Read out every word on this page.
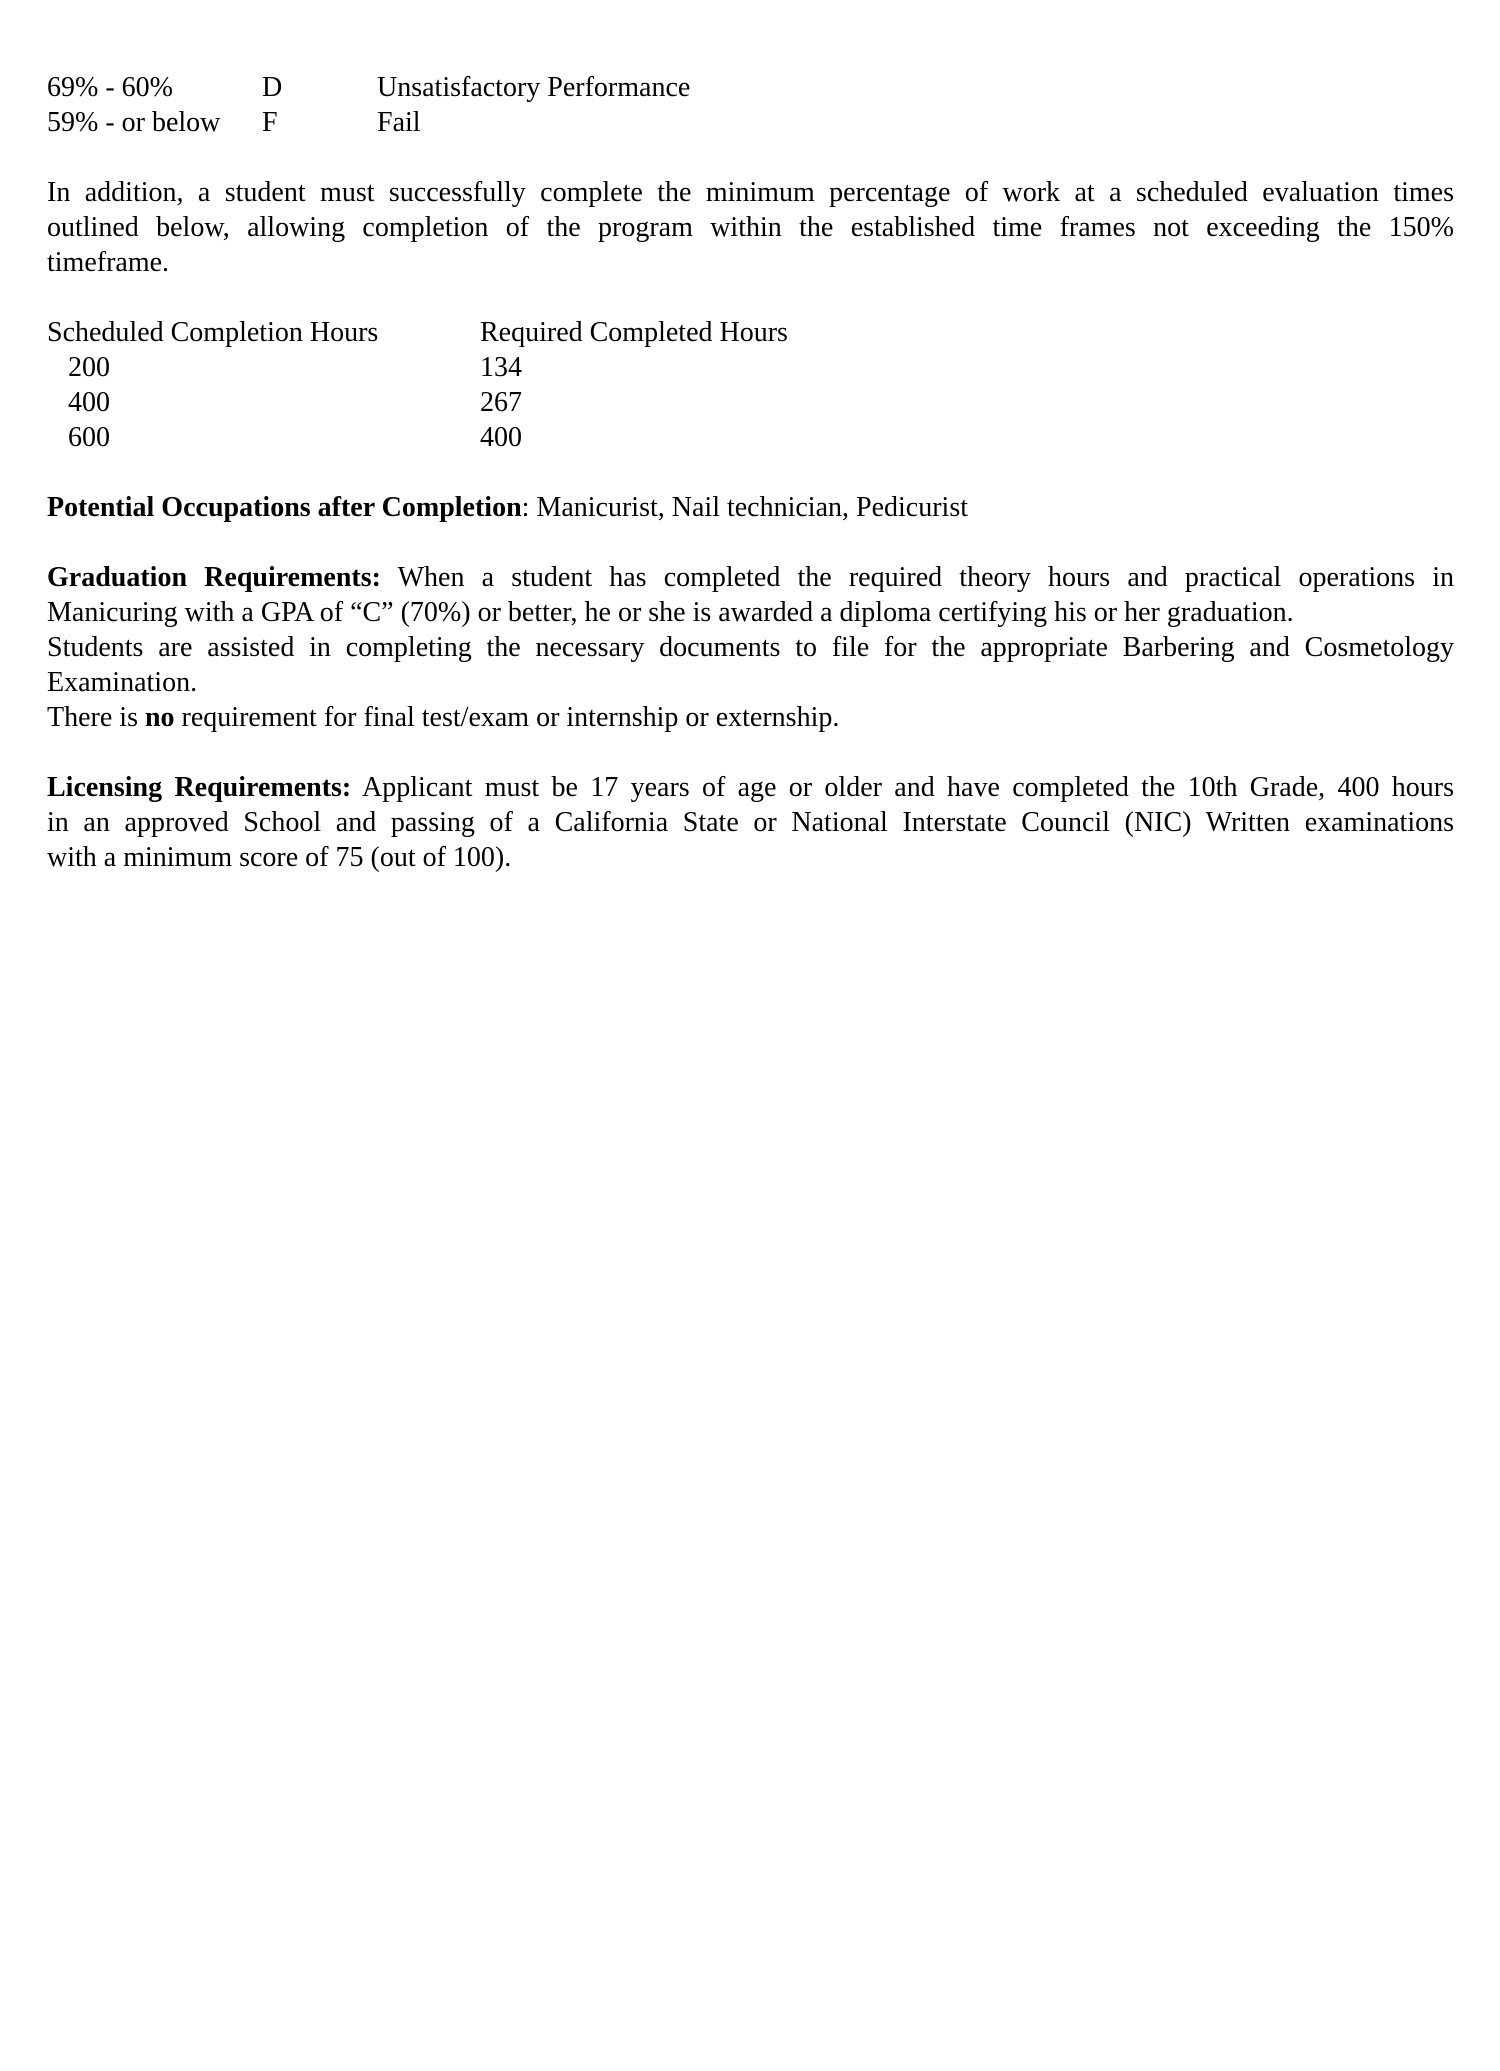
69% - 60%	D	Unsatisfactory Performance
59% - or below F	Fail
In addition, a student must successfully complete the minimum percentage of work at a scheduled evaluation times
outlined below, allowing completion of the program within the established time frames not exceeding the 150%
timeframe.
Scheduled Completion Hours	Required Completed Hours
200	134
400	267
600	400
Potential Occupations after Completion: Manicurist, Nail technician, Pedicurist
Graduation Requirements: When a student has completed the required theory hours and practical operations in
Manicuring with a GPA of “C” (70%) or better, he or she is awarded a diploma certifying his or her graduation.
Students are assisted in completing the necessary documents to file for the appropriate Barbering and Cosmetology
Examination.
There is no requirement for final test/exam or internship or externship.
Licensing Requirements: Applicant must be 17 years of age or older and have completed the 10th Grade, 400 hours
in an approved School and passing of a California State or National Interstate Council (NIC) Written examinations
with a minimum score of 75 (out of 100).
